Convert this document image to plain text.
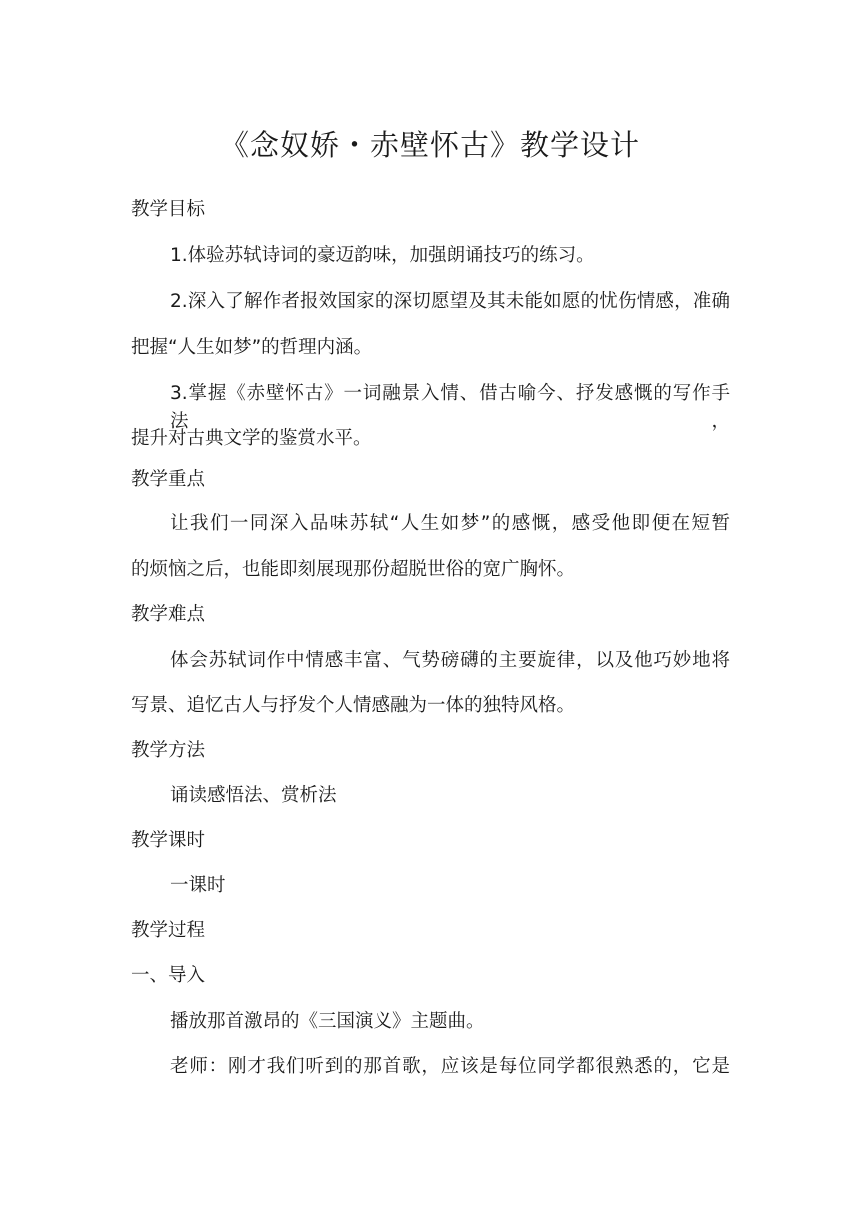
《念奴娇・赤壁怀古》教学设计
教学目标
1.体验苏轼诗词的豪迈韵味，加强朗诵技巧的练习。
2.深入了解作者报效国家的深切愿望及其未能如愿的忧伤情感，准确
把握“人生如梦”的哲理内涵。
3.掌握《赤壁怀古》一词融景入情、借古喻今、抒发感慨的写作手法，
提升对古典文学的鉴赏水平。
教学重点
让我们一同深入品味苏轼“人生如梦”的感慨，感受他即便在短暂
的烦恼之后，也能即刻展现那份超脱世俗的宽广胸怀。
教学难点
体会苏轼词作中情感丰富、气势磅礴的主要旋律，以及他巧妙地将
写景、追忆古人与抒发个人情感融为一体的独特风格。
教学方法
诵读感悟法、赏析法
教学课时
一课时
教学过程
一、导入
播放那首激昂的《三国演义》主题曲。
老师：刚才我们听到的那首歌，应该是每位同学都很熟悉的，它是
